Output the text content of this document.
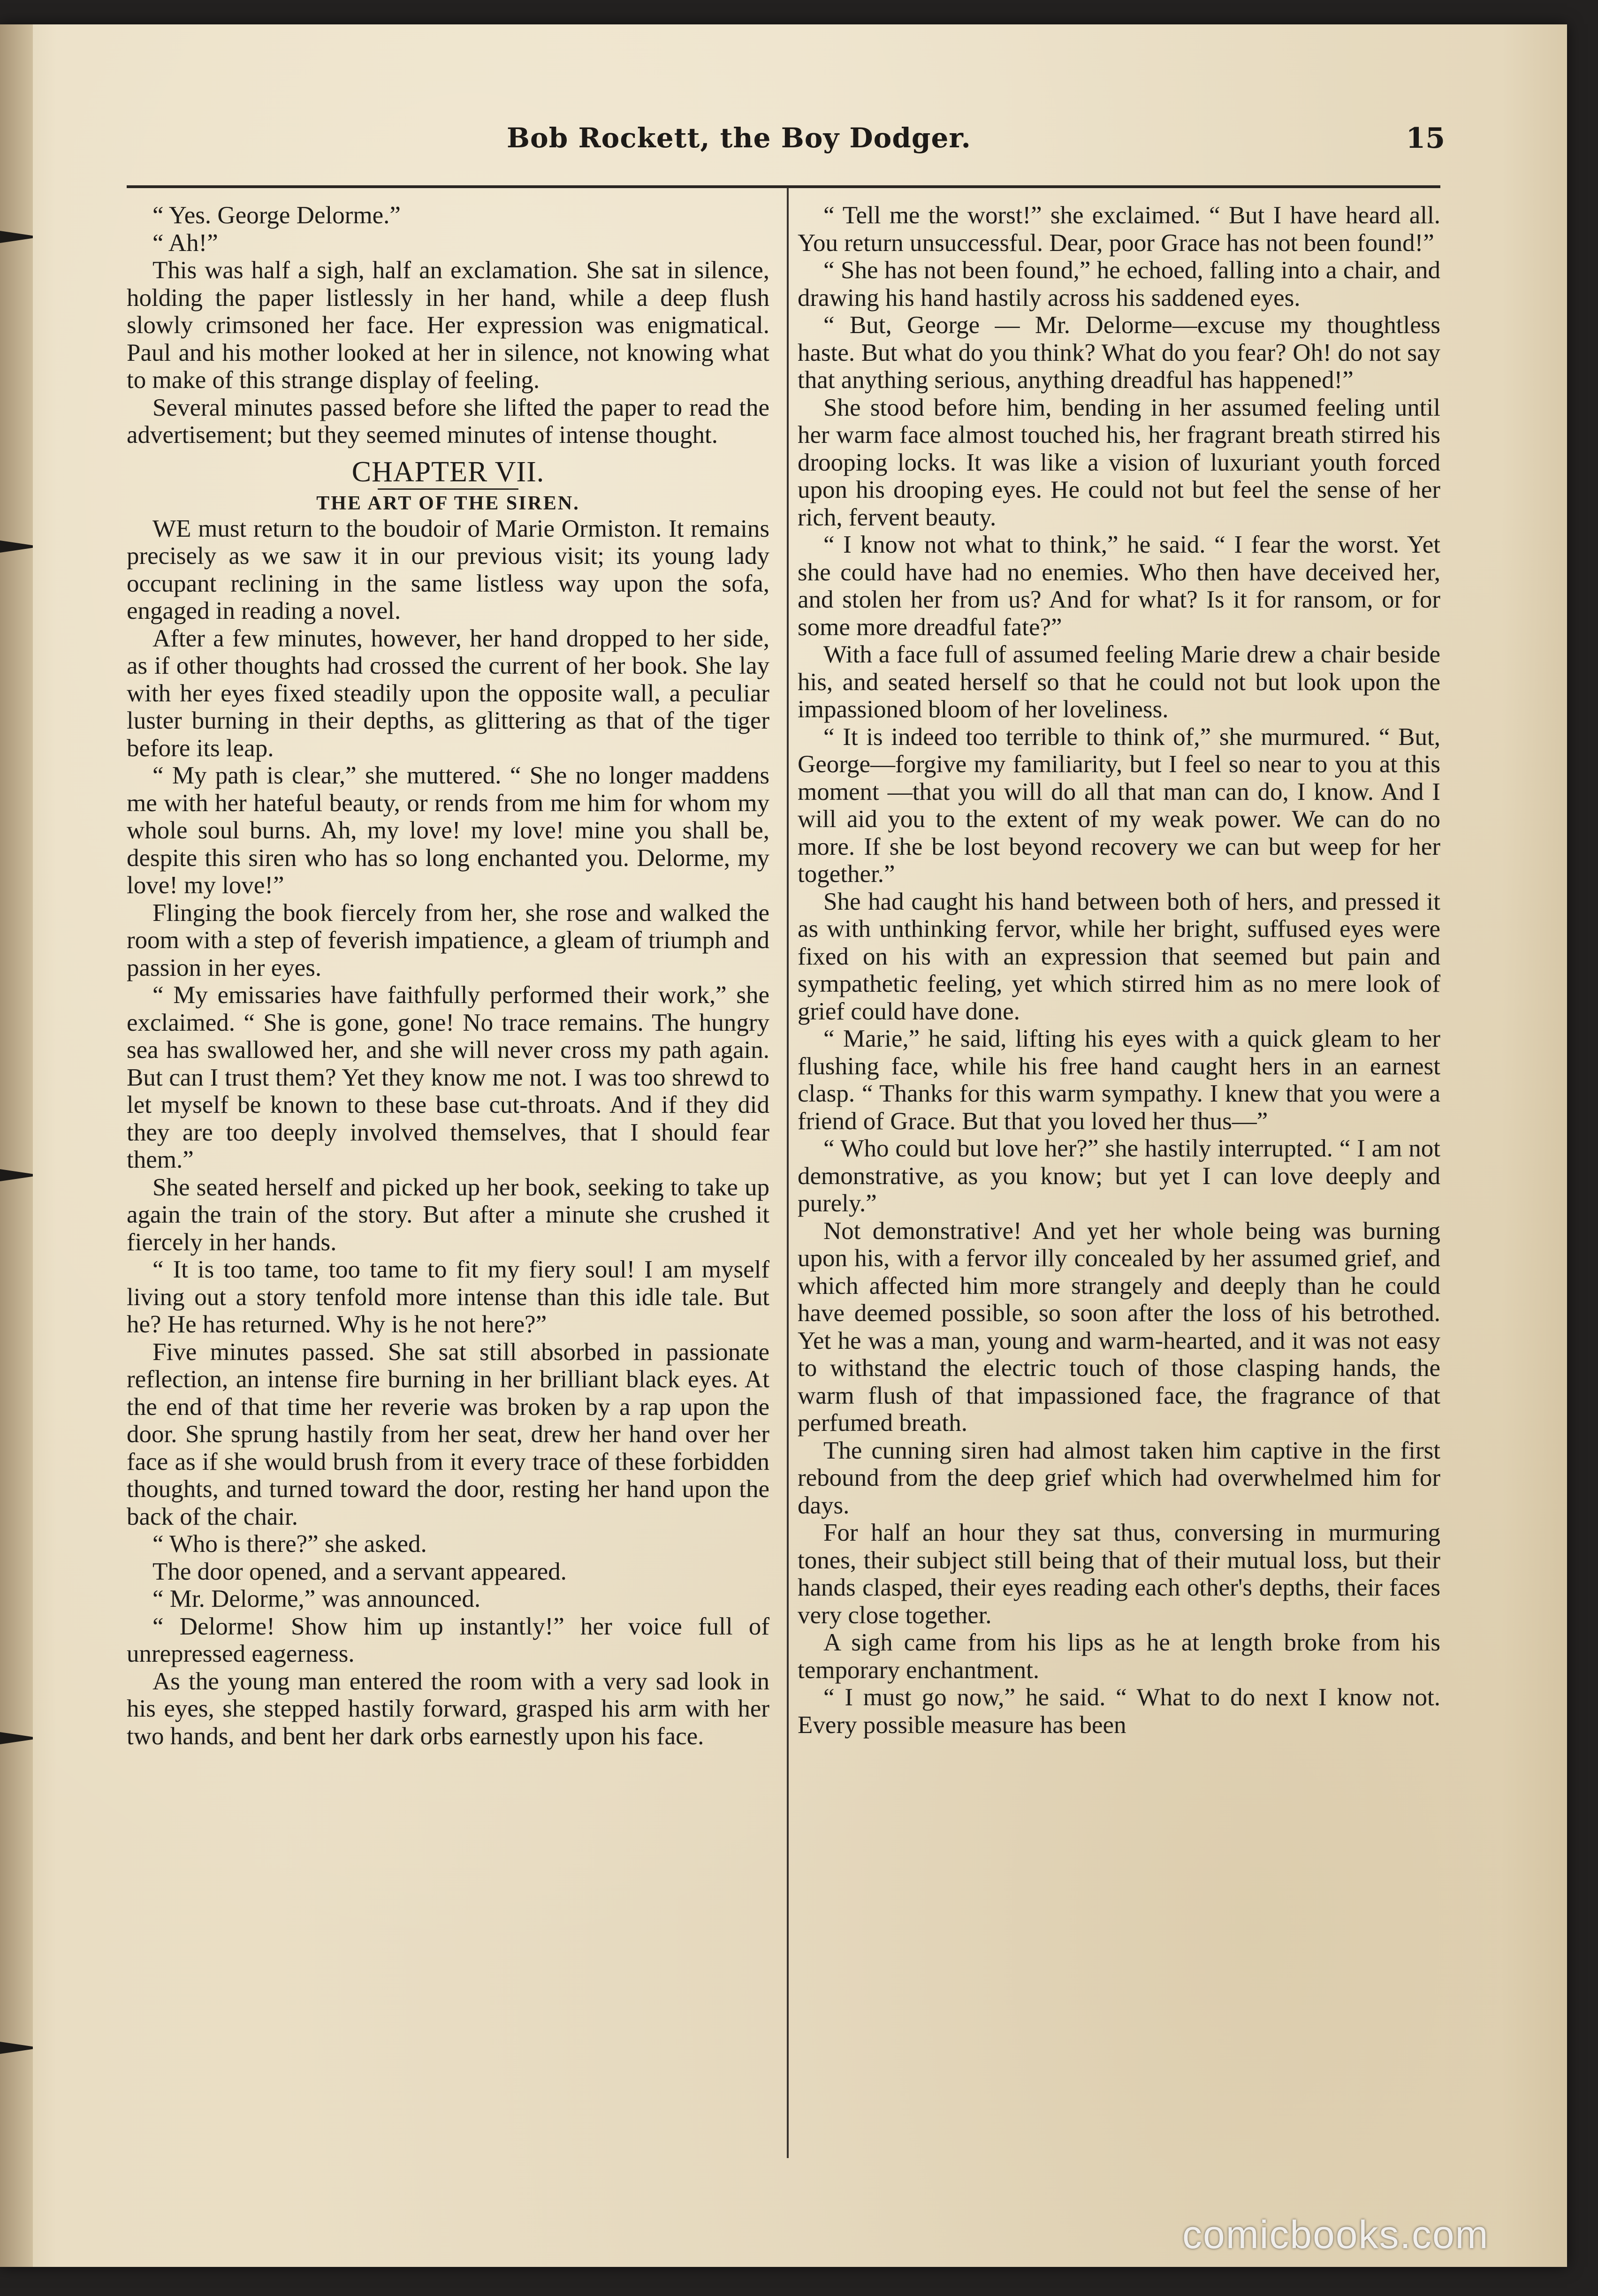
Bob Rockett, the Boy Dodger.	15

“ Yes. George Delorme.”

“ Ah!”

This was half a sigh, half an exclamation. She sat in silence, holding the paper listlessly in her hand, while a deep flush slowly crimsoned her face. Her expression was enigmatical. Paul and his mother looked at her in silence, not knowing what to make of this strange display of feeling.

Several minutes passed before she lifted the paper to read the advertisement; but they seemed minutes of intense thought.

CHAPTER VII.
THE ART OF THE SIREN.

WE must return to the boudoir of Marie Ormiston. It remains precisely as we saw it in our previous visit; its young lady occupant reclining in the same listless way upon the sofa, engaged in reading a novel.

After a few minutes, however, her hand dropped to her side, as if other thoughts had crossed the current of her book. She lay with her eyes fixed steadily upon the opposite wall, a peculiar luster burning in their depths, as glittering as that of the tiger before its leap.

“ My path is clear,” she muttered. “ She no longer maddens me with her hateful beauty, or rends from me him for whom my whole soul burns. Ah, my love! my love! mine you shall be, despite this siren who has so long enchanted you. Delorme, my love! my love!”

Flinging the book fiercely from her, she rose and walked the room with a step of feverish impatience, a gleam of triumph and passion in her eyes.

“ My emissaries have faithfully performed their work,” she exclaimed. “ She is gone, gone! No trace remains. The hungry sea has swallowed her, and she will never cross my path again. But can I trust them? Yet they know me not. I was too shrewd to let myself be known to these base cut-throats. And if they did they are too deeply involved themselves, that I should fear them.”

She seated herself and picked up her book, seeking to take up again the train of the story. But after a minute she crushed it fiercely in her hands.

“ It is too tame, too tame to fit my fiery soul! I am myself living out a story tenfold more intense than this idle tale. But he? He has returned. Why is he not here?”

Five minutes passed. She sat still absorbed in passionate reflection, an intense fire burning in her brilliant black eyes. At the end of that time her reverie was broken by a rap upon the door. She sprung hastily from her seat, drew her hand over her face as if she would brush from it every trace of these forbidden thoughts, and turned toward the door, resting her hand upon the back of the chair.

“ Who is there?” she asked.

The door opened, and a servant appeared.

“ Mr. Delorme,” was announced.

“ Delorme! Show him up instantly!” her voice full of unrepressed eagerness.

As the young man entered the room with a very sad look in his eyes, she stepped hastily forward, grasped his arm with her two hands, and bent her dark orbs earnestly upon his face.

“ Tell me the worst!” she exclaimed. “ But I have heard all. You return unsuccessful. Dear, poor Grace has not been found!”

“ She has not been found,” he echoed, falling into a chair, and drawing his hand hastily across his saddened eyes.

“ But, George — Mr. Delorme—excuse my thoughtless haste. But what do you think? What do you fear? Oh! do not say that anything serious, anything dreadful has happened!”

She stood before him, bending in her assumed feeling until her warm face almost touched his, her fragrant breath stirred his drooping locks. It was like a vision of luxuriant youth forced upon his drooping eyes. He could not but feel the sense of her rich, fervent beauty.

“ I know not what to think,” he said. “ I fear the worst. Yet she could have had no enemies. Who then have deceived her, and stolen her from us? And for what? Is it for ransom, or for some more dreadful fate?”

With a face full of assumed feeling Marie drew a chair beside his, and seated herself so that he could not but look upon the impassioned bloom of her loveliness.

“ It is indeed too terrible to think of,” she murmured. “ But, George—forgive my familiarity, but I feel so near to you at this moment —that you will do all that man can do, I know. And I will aid you to the extent of my weak power. We can do no more. If she be lost beyond recovery we can but weep for her together.”

She had caught his hand between both of hers, and pressed it as with unthinking fervor, while her bright, suffused eyes were fixed on his with an expression that seemed but pain and sympathetic feeling, yet which stirred him as no mere look of grief could have done.

“ Marie,” he said, lifting his eyes with a quick gleam to her flushing face, while his free hand caught hers in an earnest clasp. “ Thanks for this warm sympathy. I knew that you were a friend of Grace. But that you loved her thus—”

“ Who could but love her?” she hastily interrupted. “ I am not demonstrative, as you know; but yet I can love deeply and purely.”

Not demonstrative! And yet her whole being was burning upon his, with a fervor illy concealed by her assumed grief, and which affected him more strangely and deeply than he could have deemed possible, so soon after the loss of his betrothed. Yet he was a man, young and warm-hearted, and it was not easy to withstand the electric touch of those clasping hands, the warm flush of that impassioned face, the fragrance of that perfumed breath.

The cunning siren had almost taken him captive in the first rebound from the deep grief which had overwhelmed him for days.

For half an hour they sat thus, conversing in murmuring tones, their subject still being that of their mutual loss, but their hands clasped, their eyes reading each other's depths, their faces very close together.

A sigh came from his lips as he at length broke from his temporary enchantment.

“ I must go now,” he said. “ What to do next I know not. Every possible measure has been

comicbooks.com
